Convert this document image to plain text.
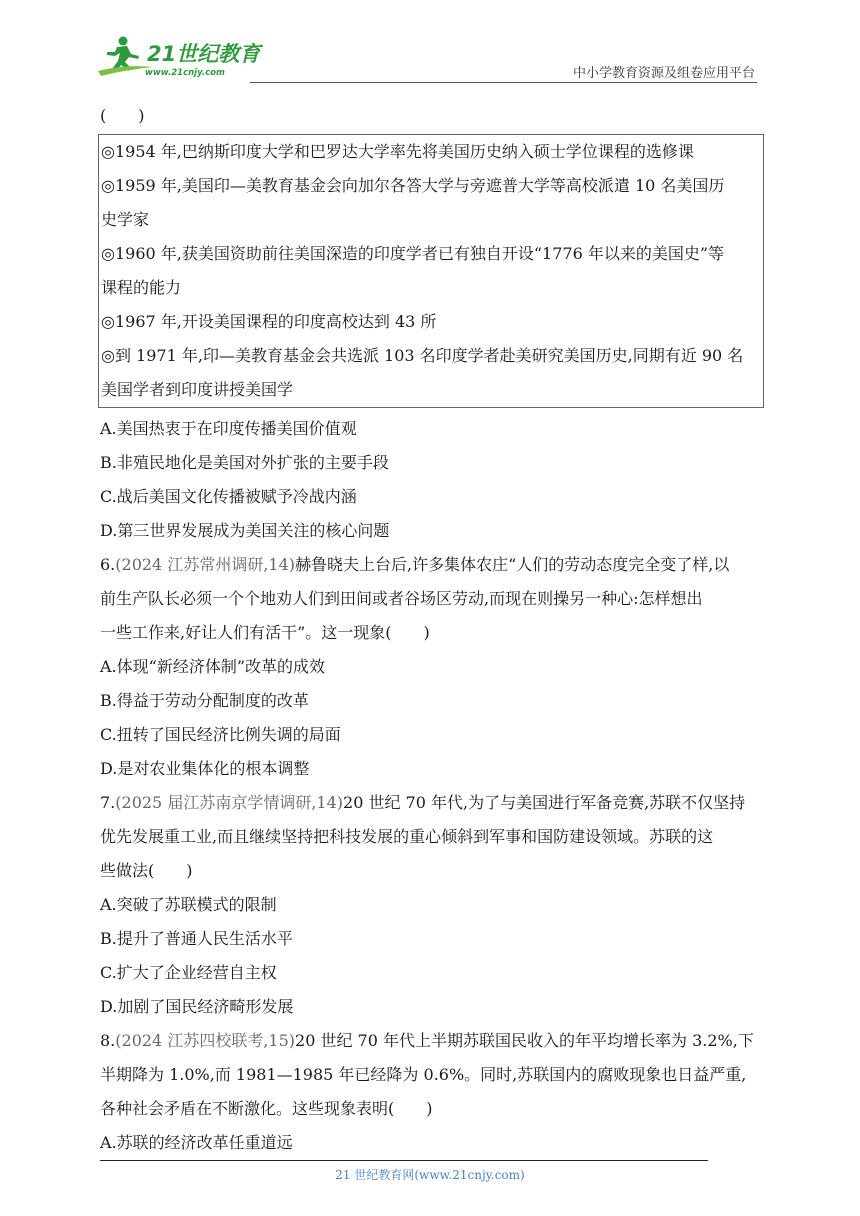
21世纪教育
www.21cnjy.com	中小学教育资源及组卷应用平台
(　　)
◎1954 年,巴纳斯印度大学和巴罗达大学率先将美国历史纳入硕士学位课程的选修课
◎1959 年,美国印—美教育基金会向加尔各答大学与旁遮普大学等高校派遣 10 名美国历
史学家
◎1960 年,获美国资助前往美国深造的印度学者已有独自开设“1776 年以来的美国史”等
课程的能力
◎1967 年,开设美国课程的印度高校达到 43 所
◎到 1971 年,印—美教育基金会共选派 103 名印度学者赴美研究美国历史,同期有近 90 名
美国学者到印度讲授美国学
A.美国热衷于在印度传播美国价值观
B.非殖民地化是美国对外扩张的主要手段
C.战后美国文化传播被赋予冷战内涵
D.第三世界发展成为美国关注的核心问题
6.(2024 江苏常州调研,14)赫鲁晓夫上台后,许多集体农庄“人们的劳动态度完全变了样,以
前生产队长必须一个个地劝人们到田间或者谷场区劳动,而现在则操另一种心:怎样想出
一些工作来,好让人们有活干”。这一现象(　　)
A.体现“新经济体制”改革的成效
B.得益于劳动分配制度的改革
C.扭转了国民经济比例失调的局面
D.是对农业集体化的根本调整
7.(2025 届江苏南京学情调研,14)20 世纪 70 年代,为了与美国进行军备竞赛,苏联不仅坚持
优先发展重工业,而且继续坚持把科技发展的重心倾斜到军事和国防建设领域。苏联的这
些做法(　　)
A.突破了苏联模式的限制
B.提升了普通人民生活水平
C.扩大了企业经营自主权
D.加剧了国民经济畸形发展
8.(2024 江苏四校联考,15)20 世纪 70 年代上半期苏联国民收入的年平均增长率为 3.2%,下
半期降为 1.0%,而 1981—1985 年已经降为 0.6%。同时,苏联国内的腐败现象也日益严重,
各种社会矛盾在不断激化。这些现象表明(　　)
A.苏联的经济改革任重道远
21 世纪教育网(www.21cnjy.com)
